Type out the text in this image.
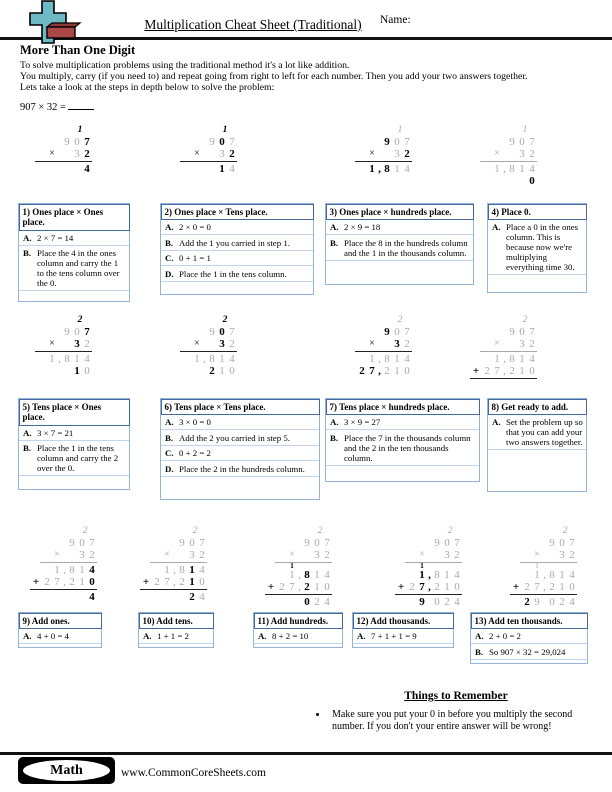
Multiplication Cheat Sheet (Traditional)	Name:
More Than One Digit
To solve multiplication problems using the traditional method it's a lot like addition.
You multiply, carry (if you need to) and repeat going from right to left for each number. Then you add your two answers together.
Lets take a look at the steps in depth below to solve the problem:
907 × 32 =
1
9 0 7
× 3 2
4
1
9 0 7
× 3 2
1 4
1
9 0 7
× 3 2
1 , 8 1 4
1
9 0 7
× 3 2
1 , 8 1 4
0
2
9 0 7
× 3 2
1 , 8 1 4
1 0
2
9 0 7
× 3 2
1 , 8 1 4
2 1 0
2
9 0 7
× 3 2
1 , 8 1 4
2 7 , 2 1 0
2
9 0 7
× 3 2
1 , 8 1 4
+ 2 7 , 2 1 0
2
9 0 7
× 3 2
1 , 8 1 4
+ 2 7 , 2 1 0
4
2
9 0 7
× 3 2
1 , 8 1 4
+ 2 7 , 2 1 0
2 4
2
9 0 7
× 3 2
1
1 , 8 1 4
+ 2 7 , 2 1 0
0 2 4
2
9 0 7
× 3 2
1
1 , 8 1 4
+ 2 7 , 2 1 0
9 0 2 4
2
9 0 7
× 3 2
1
1 , 8 1 4
+ 2 7 , 2 1 0
2 9 0 2 4
1) Ones place × Ones place.
A. 2 × 7 = 14
B. Place the 4 in the ones column and carry the 1 to the tens column over the 0.
2) Ones place × Tens place.
A. 2 × 0 = 0
B. Add the 1 you carried in step 1.
C. 0 + 1 = 1
D. Place the 1 in the tens column.
3) Ones place × hundreds place.
A. 2 × 9 = 18
B. Place the 8 in the hundreds column and the 1 in the thousands column.
4) Place 0.
A. Place a 0 in the ones column. This is because now we're multiplying everything time 30.
5) Tens place × Ones place.
A. 3 × 7 = 21
B. Place the 1 in the tens column and carry the 2 over the 0.
6) Tens place × Tens place.
A. 3 × 0 = 0
B. Add the 2 you carried in step 5.
C. 0 + 2 = 2
D. Place the 2 in the hundreds column.
7) Tens place × hundreds place.
A. 3 × 9 = 27
B. Place the 7 in the thousands column and the 2 in the ten thousands column.
8) Get ready to add.
A. Set the problem up so that you can add your two answers together.
9) Add ones.
A. 4 + 0 = 4
10) Add tens.
A. 1 + 1 = 2
11) Add hundreds.
A. 8 + 2 = 10
12) Add thousands.
A. 7 + 1 + 1 = 9
13) Add ten thousands.
A. 2 + 0 = 2
B. So 907 × 32 = 29,024
Things to Remember
• Make sure you put your 0 in before you multiply the second number. If you don't your entire answer will be wrong!
Math	www.CommonCoreSheets.com
